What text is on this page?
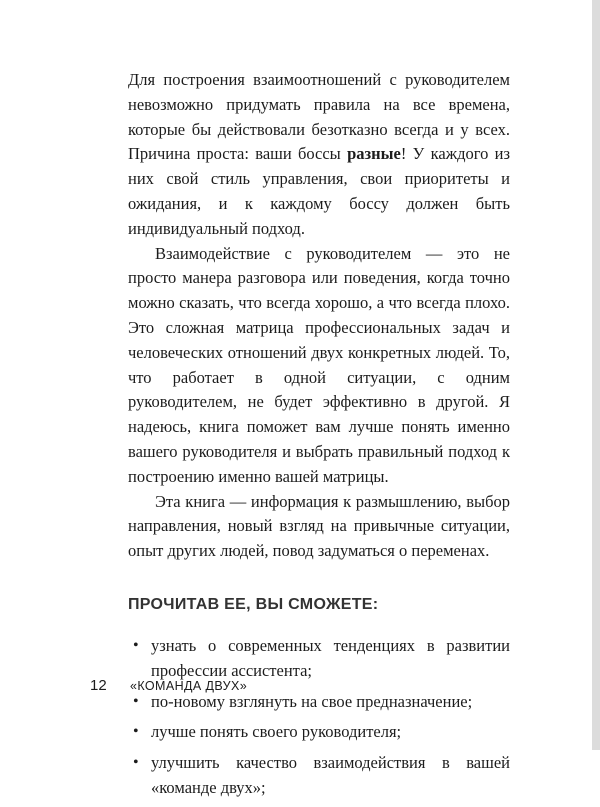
Для построения взаимоотношений с руководителем невозможно придумать правила на все времена, которые бы действовали безотказно всегда и у всех. Причина проста: ваши боссы разные! У каждого из них свой стиль управления, свои приоритеты и ожидания, и к каждому боссу должен быть индивидуальный подход.

Взаимодействие с руководителем — это не просто манера разговора или поведения, когда точно можно сказать, что всегда хорошо, а что всегда плохо. Это сложная матрица профессиональных задач и человеческих отношений двух конкретных людей. То, что работает в одной ситуации, с одним руководителем, не будет эффективно в другой. Я надеюсь, книга поможет вам лучше понять именно вашего руководителя и выбрать правильный подход к построению именно вашей матрицы.

Эта книга — информация к размышлению, выбор направления, новый взгляд на привычные ситуации, опыт других людей, повод задуматься о переменах.

ПРОЧИТАВ ЕЕ, ВЫ СМОЖЕТЕ:
• узнать о современных тенденциях в развитии профессии ассистента;
• по-новому взглянуть на свое предназначение;
• лучше понять своего руководителя;
• улучшить качество взаимодействия в вашей «команде двух»;
12	«КОМАНДА ДВУХ»
